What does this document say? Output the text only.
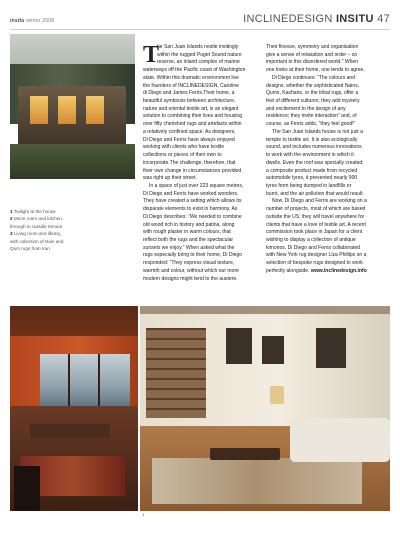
insitu winter 2008	INCLINEDESIGN INSITU 47
1 Twilight at the house
2 Moon room and kitchen,
through to outside terrace
3 Living room and library,
with collection of Nain and
Qum rugs from Iran
T
he San Juan Islands nestle invitingly
within the rugged Puget Sound nature
reserve, an inland complex of marine
waterways off the Pacific coast of Washington
state. Within this dramatic environment live
the founders of INCLINEDESIGN, Caroline
di Diego and James Ferris.Their home, a
beautiful symbiosis between architecture,
nature and oriental textile art, is an elegant
solution to combining their lives and housing
over fifty cherished rugs and artefacts within
a relatively confined space. As designers,
Di Diego and Ferris have always enjoyed
working with clients who have textile
collections or pieces of their own to
incorporate.The challenge, therefore, that
their own change in circumstances provided
was right up their street.
In a space of just over 223 square metres,
Di Diego and Ferris have worked wonders.
They have created a setting which allows its
disparate elements to exist in harmony. As
Di Diego describes: “We needed to combine
old wood rich in history and patina, along
with rough plaster in warm colours, that
reflect both the rugs and the spectacular
sunsets we enjoy.” When asked what the
rugs especially bring to their home, Di Diego
responded: “They express visual texture,
warmth and colour, without which our more
modern designs might tend to the austere.
Their finesse, symmetry and organisation
give a sense of relaxation and order – so
important in this disordered world.” When
one looks at their home, one tends to agree.
Di Diego continues: “The colours and
designs, whether the sophisticated Nains,
Qums, Kashans, or the tribal rugs, offer a
feel of different cultures; they add mystery
and excitement to the design of any
residence; they invite interaction” and, of
course, as Ferris adds, “they feel good!”
The San Juan Islands house is not just a
temple to textile art. It is also ecologically
sound, and includes numerous innovations
to work with the environment in which it
dwells. Even the roof was specially created;
a composite product made from recycled
automobile tyres, it prevented nearly 900
tyres from being dumped in landfills or
burnt, and the air pollution that would result.
Now, Di Diego and Ferris are working on a
number of projects, most of which are based
outside the US; they will travel anywhere for
clients that have a love of textile art. A recent
commission took place in Japan for a client
wishing to display a collection of antique
kimonos. Di Diego and Ferris collaborated
with New York rug designer Liza Phillips on a
selection of bespoke rugs designed to work
perfectly alongside. www.inclinedesign.info
1
